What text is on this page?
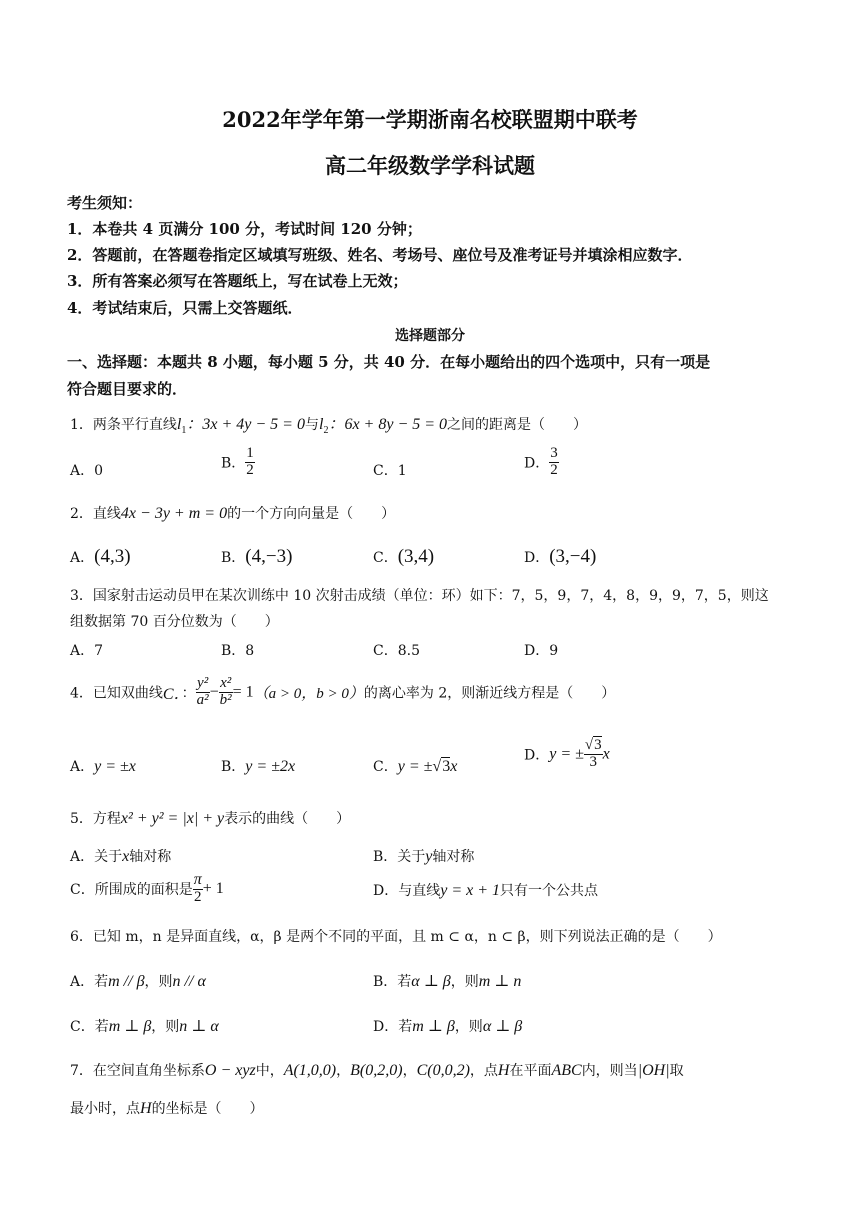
2022年学年第一学期浙南名校联盟期中联考
高二年级数学学科试题
考生须知：
1．本卷共 4 页满分 100 分，考试时间 120 分钟；
2．答题前，在答题卷指定区域填写班级、姓名、考场号、座位号及准考证号并填涂相应数字．
3．所有答案必须写在答题纸上，写在试卷上无效；
4．考试结束后，只需上交答题纸．
选择题部分
一、选择题：本题共 8 小题，每小题 5 分，共 40 分．在每小题给出的四个选项中，只有一项是
符合题目要求的．
1．两条平行直线$l_1$：3x + 4y − 5 = 0与$l_2$：6x + 8y − 5 = 0之间的距离是（　　）
A．0	B． $\frac{1}{2}$	C．1	D． $\frac{3}{2}$
2．直线4x − 3y + m = 0的一个方向向量是（　　）
A．(4,3)	B．(4,−3)	C．(3,4)	D．(3,−4)
3．国家射击运动员甲在某次训练中 10 次射击成绩（单位：环）如下：7，5，9，7，4，8，9，9，7，5，则这
组数据第 70 百分位数为（　　）
A．7	B．8	C．8.5	D．9
4．已知双曲线C．： $\frac{\text{y²}}{\text{a²}} - \frac{\text{x²}}{\text{b²}} = 1(a > 0$，b > 0）的离心率为 2，则渐近线方程是（　　）
A．y = ±x	B．y = ±2x	C．y = ±√3x
D．y = ± $\frac{√3}{3}$ x
5．方程x² + y² = |x| + y表示的曲线（　　）
A．关于x轴对称	B．关于y轴对称
C．所围成的面积是 $\frac{\pi}{2} + 1$	D．与直线y = x + 1只有一个公共点
6．已知 m，n 是异面直线，α，β 是两个不同的平面，且 m ⊂ α，n ⊂ β，则下列说法正确的是（　　）
A．若m // β，则n // α	B．若α ⊥ β，则m ⊥ n
C．若m ⊥ β，则n ⊥ α	D．若m ⊥ β，则α ⊥ β
7．在空间直角坐标系O − xyz中，A(1,0,0)，B(0,2,0)，C(0,0,2)，点H在平面ABC内，则当|OH|取
最小时，点H的坐标是（　　）
